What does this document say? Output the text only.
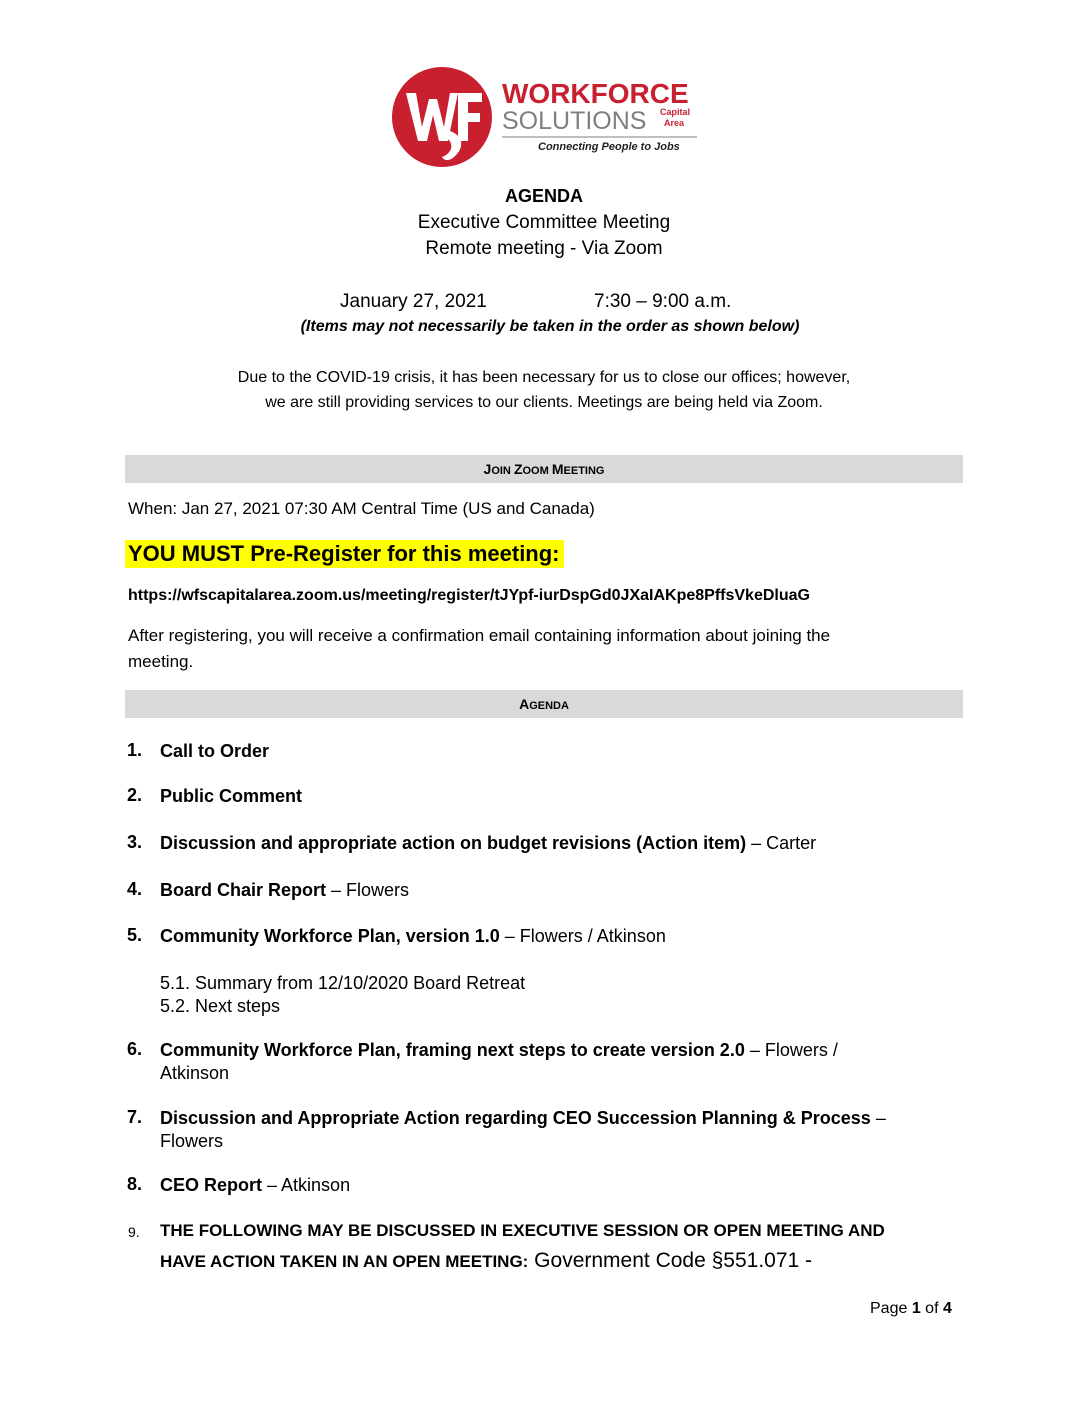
WORKFORCE
SOLUTIONS Capital
Area
Connecting People to Jobs
AGENDA
Executive Committee Meeting
Remote meeting - Via Zoom
January 27, 2021	7:30 – 9:00 a.m.
(Items may not necessarily be taken in the order as shown below)
Due to the COVID-19 crisis, it has been necessary for us to close our offices; however,
we are still providing services to our clients. Meetings are being held via Zoom.
JOIN ZOOM MEETING
When: Jan 27, 2021 07:30 AM Central Time (US and Canada)
YOU MUST Pre-Register for this meeting:
https://wfscapitalarea.zoom.us/meeting/register/tJYpf-iurDspGd0JXaIAKpe8PffsVkeDluaG
After registering, you will receive a confirmation email containing information about joining the
meeting.
AGENDA
1. Call to Order
2. Public Comment
3. Discussion and appropriate action on budget revisions (Action item) – Carter
4. Board Chair Report – Flowers
5. Community Workforce Plan, version 1.0 – Flowers / Atkinson
5.1. Summary from 12/10/2020 Board Retreat
5.2. Next steps
6. Community Workforce Plan, framing next steps to create version 2.0 – Flowers /
Atkinson
7. Discussion and Appropriate Action regarding CEO Succession Planning & Process –
Flowers
8. CEO Report – Atkinson
9. THE FOLLOWING MAY BE DISCUSSED IN EXECUTIVE SESSION OR OPEN MEETING AND
HAVE ACTION TAKEN IN AN OPEN MEETING: Government Code §551.071 -
Page 1 of 4
